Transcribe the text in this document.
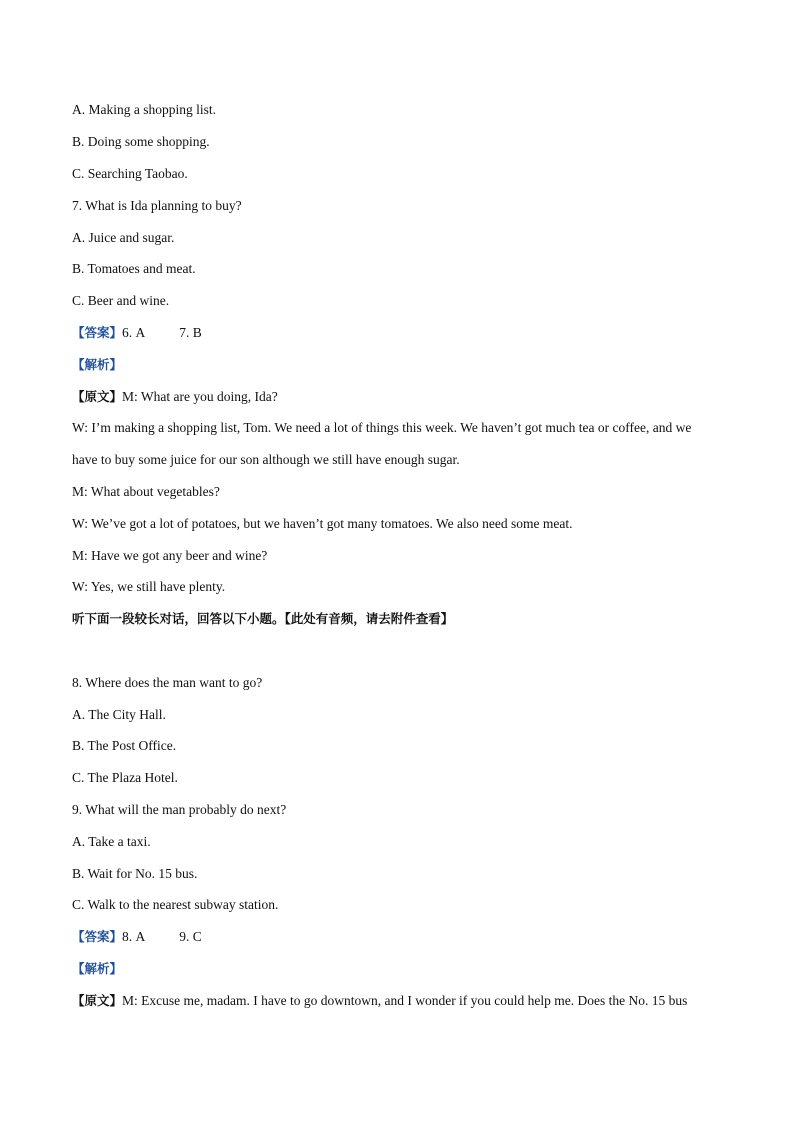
A. Making a shopping list.
B. Doing some shopping.
C. Searching Taobao.
7. What is Ida planning to buy?
A. Juice and sugar.
B. Tomatoes and meat.
C. Beer and wine.
【答案】6. A	7. B
【解析】
【原文】M: What are you doing, Ida?
W: I’m making a shopping list, Tom. We need a lot of things this week. We haven’t got much tea or coffee, and we
have to buy some juice for our son although we still have enough sugar.
M: What about vegetables?
W: We’ve got a lot of potatoes, but we haven’t got many tomatoes. We also need some meat.
M: Have we got any beer and wine?
W: Yes, we still have plenty.
听下面一段较长对话，回答以下小题。【此处有音频，请去附件查看】
8. Where does the man want to go?
A. The City Hall.
B. The Post Office.
C. The Plaza Hotel.
9. What will the man probably do next?
A. Take a taxi.
B. Wait for No. 15 bus.
C. Walk to the nearest subway station.
【答案】8. A	9. C
【解析】
【原文】M: Excuse me, madam. I have to go downtown, and I wonder if you could help me. Does the No. 15 bus
